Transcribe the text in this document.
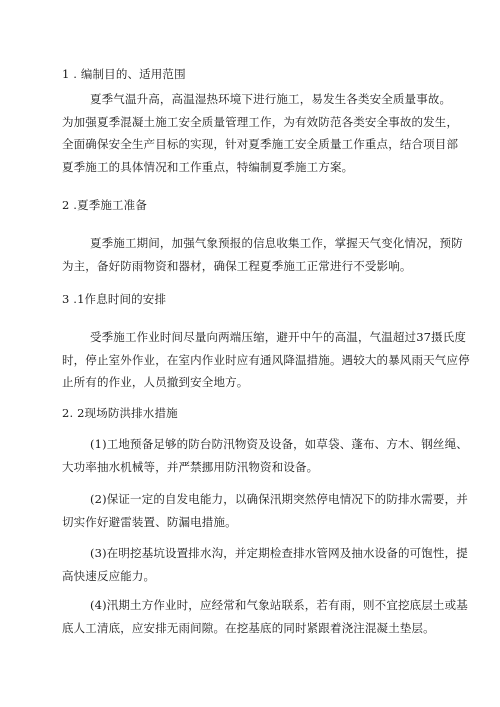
1 . 编制目的、适用范围
夏季气温升高，高温湿热环境下进行施工，易发生各类安全质量事故。
为加强夏季混凝土施工安全质量管理工作，为有效防范各类安全事故的发生，
全面确保安全生产目标的实现，针对夏季施工安全质量工作重点，结合项目部
夏季施工的具体情况和工作重点，特编制夏季施工方案。
2 .夏季施工准备
夏季施工期间，加强气象预报的信息收集工作，掌握天气变化情况，预防
为主，备好防雨物资和器材，确保工程夏季施工正常进行不受影响。
3 .1作息时间的安排
受季施工作业时间尽量向两端压缩，避开中午的高温，气温超过37摄氏度
时，停止室外作业，在室内作业时应有通风降温措施。遇较大的暴风雨天气应停
止所有的作业，人员撤到安全地方。
2. 2现场防洪排水措施
(1)工地预备足够的防台防汛物资及设备，如草袋、蓬布、方木、钢丝绳、
大功率抽水机械等，并严禁挪用防汛物资和设备。
(2)保证一定的自发电能力，以确保汛期突然停电情况下的防排水需要，并
切实作好避雷装置、防漏电措施。
(3)在明挖基坑设置排水沟，并定期检查排水管网及抽水设备的可饱性，提
高快速反应能力。
(4)汛期土方作业时，应经常和气象站联系，若有雨，则不宜挖底层土或基
底人工清底，应安排无雨间隙。在挖基底的同时紧跟着浇注混凝土垫层。
